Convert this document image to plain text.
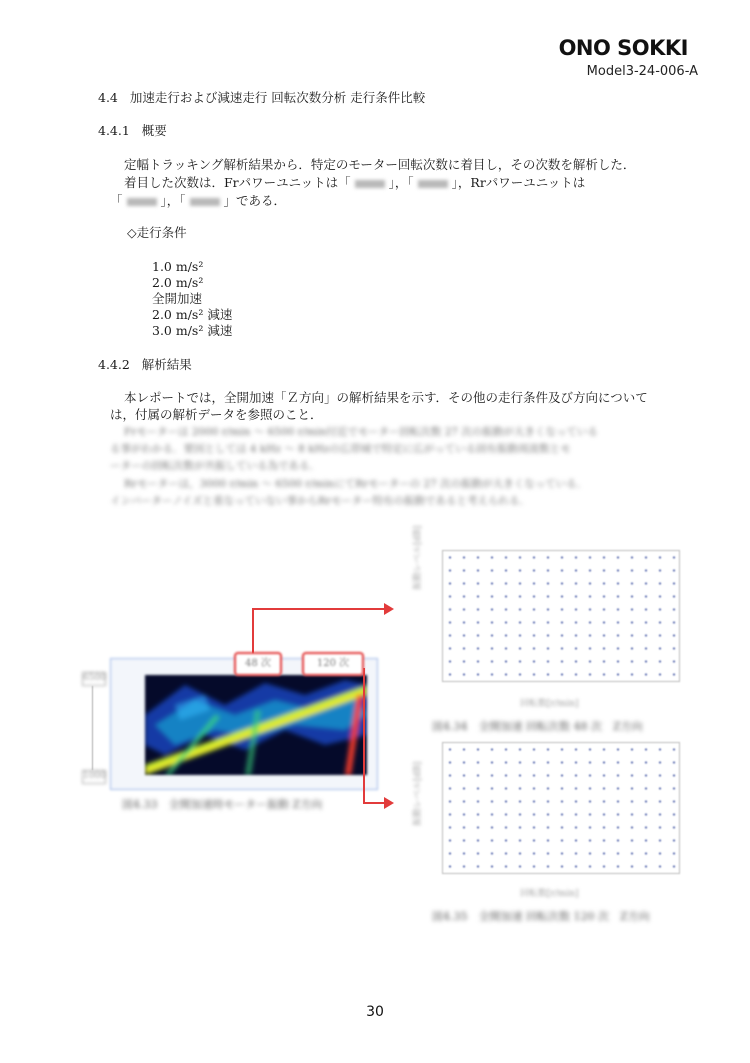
ONO SOKKI
Model3-24-006-A
4.4 加速走行および減速走行 回転次数分析 走行条件比較
4.4.1 概要
定幅トラッキング解析結果から．特定のモーター回転次数に着目し，その次数を解析した．
着目した次数は．Frパワーユニットは「	」，「	」，Rrパワーユニットは
「	」，「	」である．
◇走行条件
1.0 m/s²
2.0 m/s²
全開加速
2.0 m/s² 減速
3.0 m/s² 減速
4.4.2 解析結果
本レポートでは，全開加速「Ｚ方向」の解析結果を示す．その他の走行条件及び方向について
は，付属の解析データを参照のこと．
Frモーターは 2000 r/min ～ 6500 r/min付近でモーター回転次数 27 次の振動が大きくなっている
る事がわかる．要因としては 4 kHz ～ 8 kHzの広帯域で特定に広がっている固有振動周波数とモ
ーターの回転次数が共振している為である．
Rrモーターは，3000 r/min ～ 6500 r/minにてRrモーターの 27 次の振動が大きくなっている．
インバーターノイズと重なっていない事からRrモーター特有の振動であると考えられる．
6500
1000
図4.33　全開加速時モーター振動 Z方向
48 次	120 次
振動レベル[dB]
回転数[r/min]
図4.34　全開加速 回転次数 48 次　Z方向
振動レベル[dB]
回転数[r/min]
図4.35　全開加速 回転次数 120 次　Z方向
30
